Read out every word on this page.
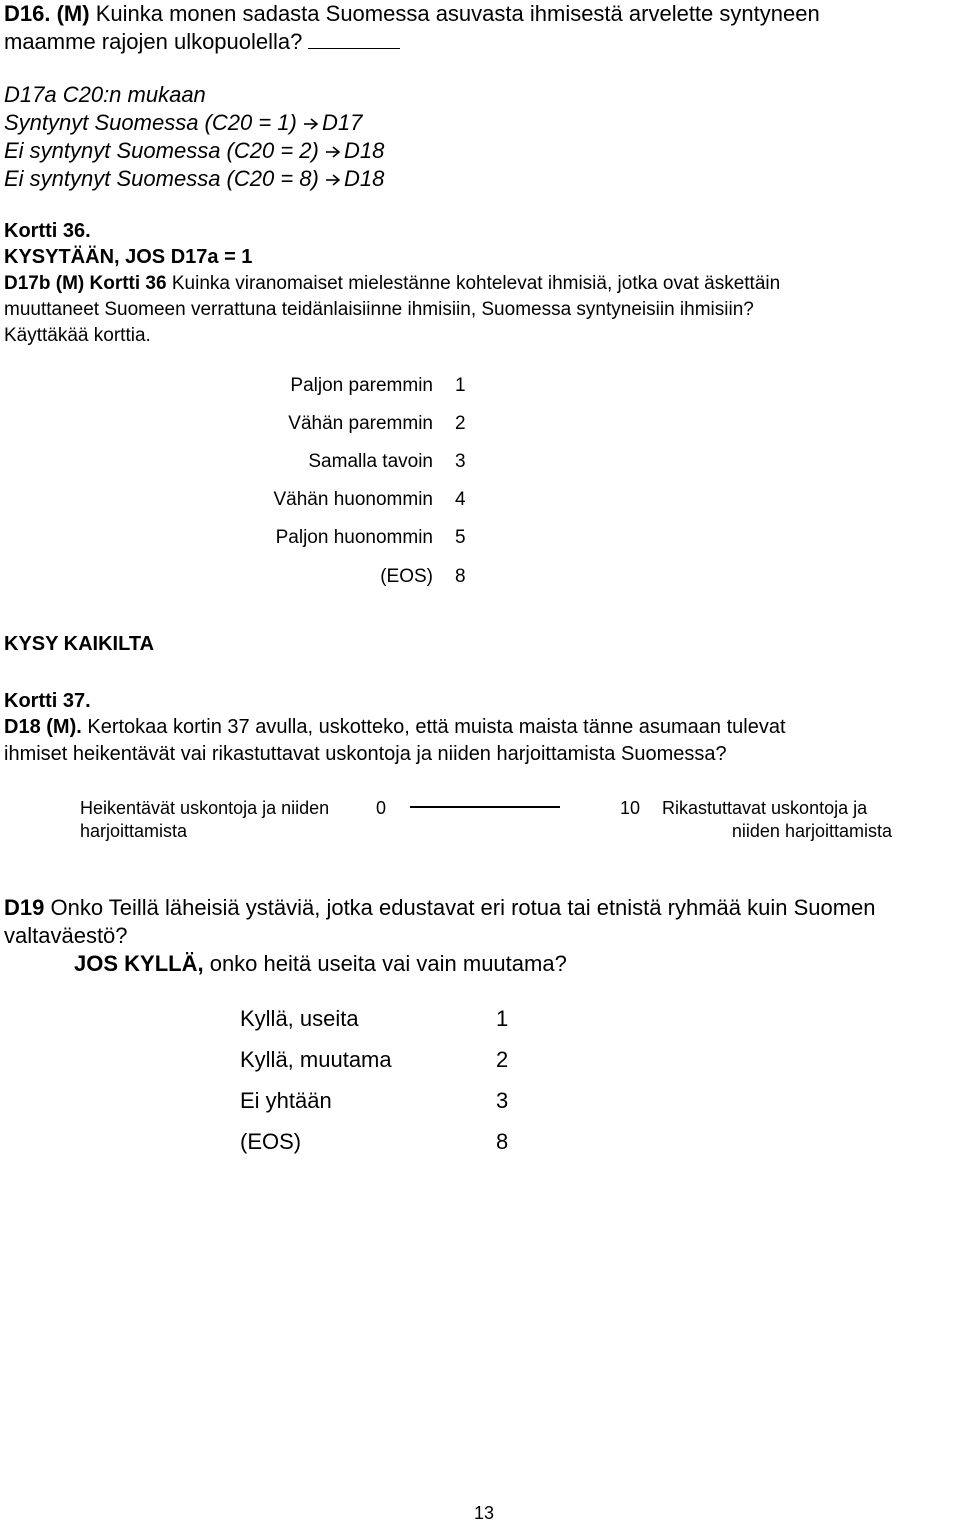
D16. (M) Kuinka monen sadasta Suomessa asuvasta ihmisestä arvelette syntyneen
maamme rajojen ulkopuolella?
D17a C20:n mukaan
Syntynyt Suomessa (C20 = 1) D17
Ei syntynyt Suomessa (C20 = 2) D18
Ei syntynyt Suomessa (C20 = 8) D18
Kortti 36.
KYSYTÄÄN, JOS D17a = 1
D17b (M) Kortti 36 Kuinka viranomaiset mielestänne kohtelevat ihmisiä, jotka ovat äskettäin
muuttaneet Suomeen verrattuna teidänlaisiinne ihmisiin, Suomessa syntyneisiin ihmisiin?
Käyttäkää korttia.
Paljon paremmin 1
Vähän paremmin 2
Samalla tavoin 3
Vähän huonommin 4
Paljon huonommin 5
(EOS) 8
KYSY KAIKILTA
Kortti 37.
D18 (M). Kertokaa kortin 37 avulla, uskotteko, että muista maista tänne asumaan tulevat
ihmiset heikentävät vai rikastuttavat uskontoja ja niiden harjoittamista Suomessa?
Heikentävät uskontoja ja niiden
harjoittamista
0	10 Rikastuttavat uskontoja ja
niiden harjoittamista
D19 Onko Teillä läheisiä ystäviä, jotka edustavat eri rotua tai etnistä ryhmää kuin Suomen
valtaväestö?
JOS KYLLÄ, onko heitä useita vai vain muutama?
Kyllä, useita	1
Kyllä, muutama	2
Ei yhtään	3
(EOS)	8
13
